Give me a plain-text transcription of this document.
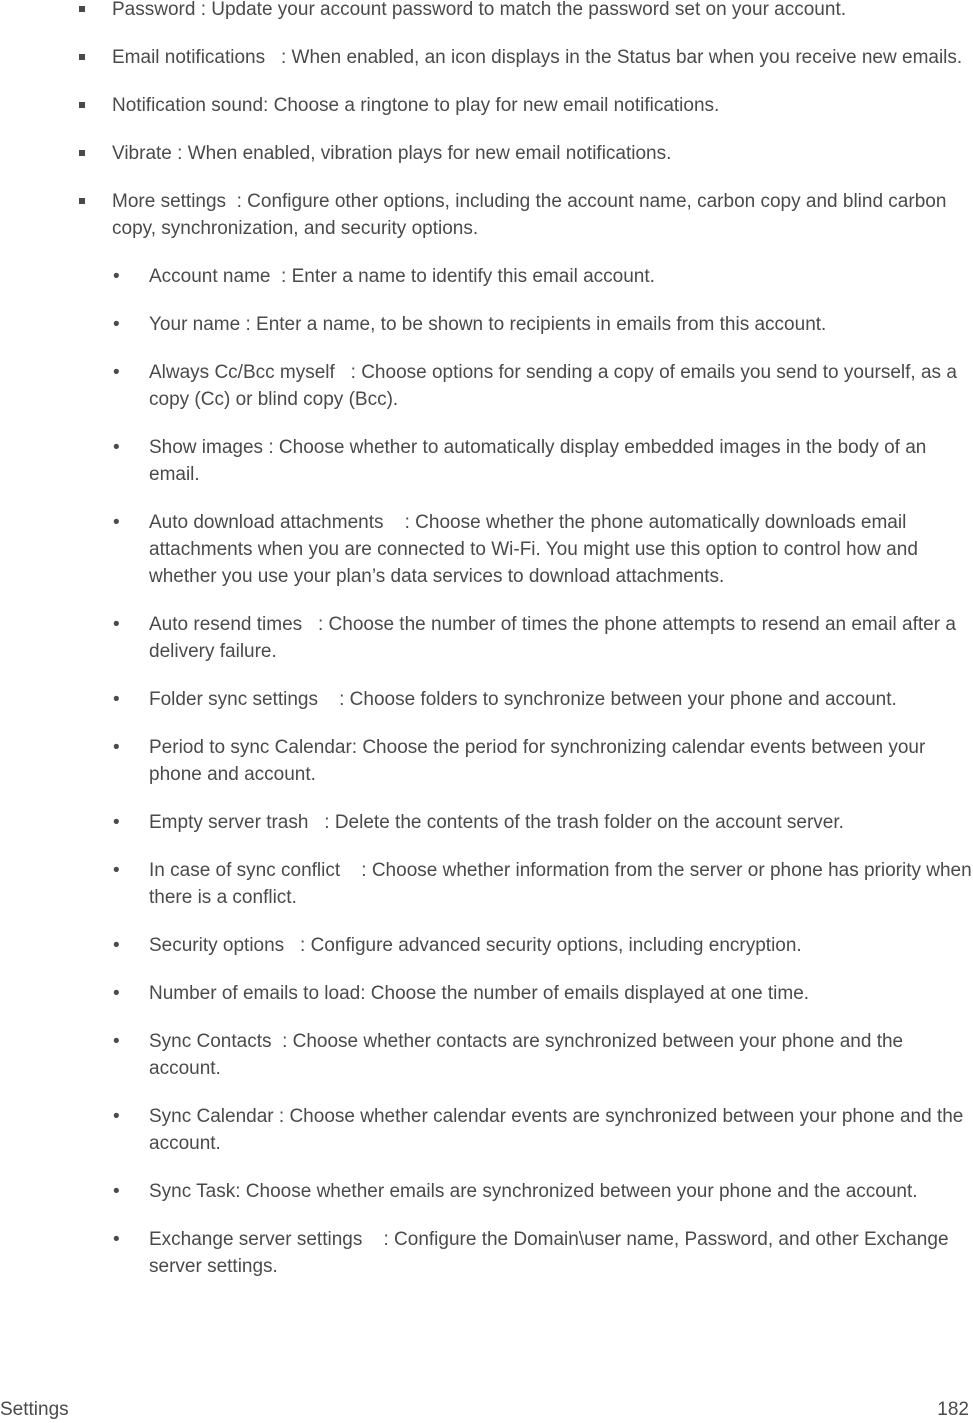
Password : Update your account password to match the password set on your account.
Email notifications : When enabled, an icon displays in the Status bar when you receive new emails.
Notification sound: Choose a ringtone to play for new email notifications.
Vibrate : When enabled, vibration plays for new email notifications.
More settings : Configure other options, including the account name, carbon copy and blind carbon copy, synchronization, and security options.
• Account name : Enter a name to identify this email account.
• Your name : Enter a name, to be shown to recipients in emails from this account.
• Always Cc/Bcc myself : Choose options for sending a copy of emails you send to yourself, as a copy (Cc) or blind copy (Bcc).
• Show images : Choose whether to automatically display embedded images in the body of an email.
• Auto download attachments : Choose whether the phone automatically downloads email attachments when you are connected to Wi-Fi. You might use this option to control how and whether you use your plan’s data services to download attachments.
• Auto resend times : Choose the number of times the phone attempts to resend an email after a delivery failure.
• Folder sync settings : Choose folders to synchronize between your phone and account.
• Period to sync Calendar: Choose the period for synchronizing calendar events between your phone and account.
• Empty server trash : Delete the contents of the trash folder on the account server.
• In case of sync conflict : Choose whether information from the server or phone has priority when there is a conflict.
• Security options : Configure advanced security options, including encryption.
• Number of emails to load: Choose the number of emails displayed at one time.
• Sync Contacts : Choose whether contacts are synchronized between your phone and the account.
• Sync Calendar : Choose whether calendar events are synchronized between your phone and the account.
• Sync Task: Choose whether emails are synchronized between your phone and the account.
• Exchange server settings : Configure the Domain\user name, Password, and other Exchange server settings.
Settings	182
